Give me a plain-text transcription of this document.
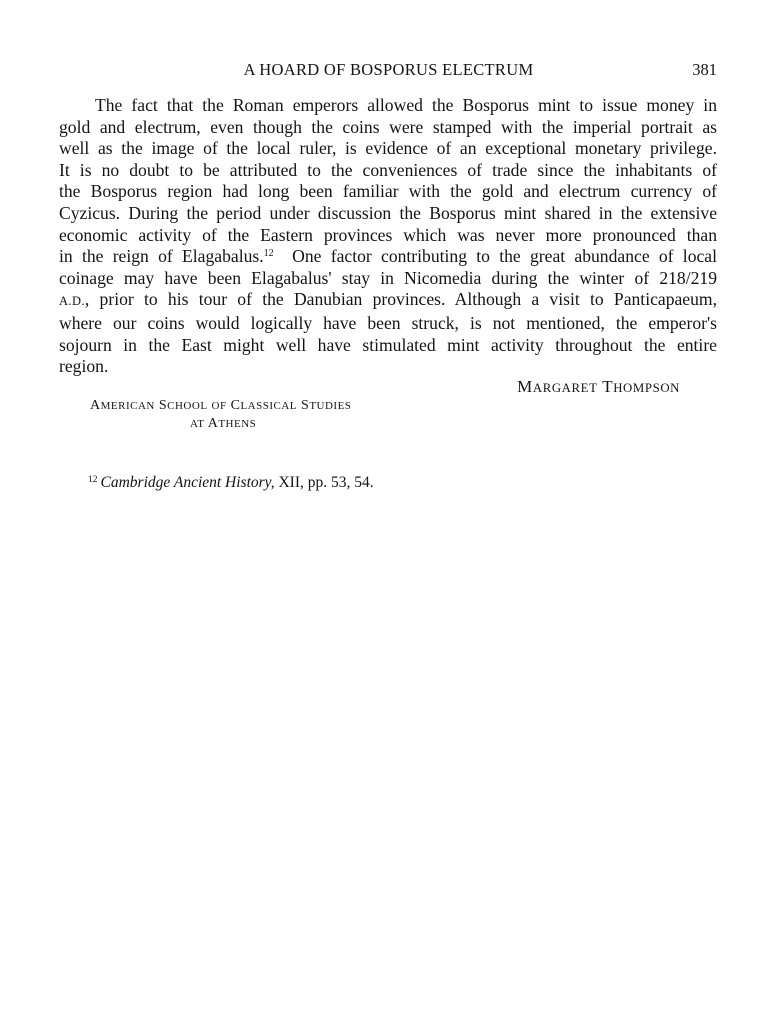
A HOARD OF BOSPORUS ELECTRUM	381

The fact that the Roman emperors allowed the Bosporus mint to issue money in
gold and electrum, even though the coins were stamped with the imperial portrait as
well as the image of the local ruler, is evidence of an exceptional monetary privilege.
It is no doubt to be attributed to the conveniences of trade since the inhabitants of
the Bosporus region had long been familiar with the gold and electrum currency of
Cyzicus. During the period under discussion the Bosporus mint shared in the extensive
economic activity of the Eastern provinces which was never more pronounced than
in the reign of Elagabalus.$^{12}$ One factor contributing to the great abundance of local
coinage may have been Elagabalus' stay in Nicomedia during the winter of 218/219
A.D., prior to his tour of the Danubian provinces. Although a visit to Panticapaeum,
where our coins would logically have been struck, is not mentioned, the emperor's
sojourn in the East might well have stimulated mint activity throughout the entire
region.

MARGARET THOMPSON
AMERICAN SCHOOL OF CLASSICAL STUDIES
AT ATHENS
$^{12}$ Cambridge Ancient History, XII, pp. 53, 54.
